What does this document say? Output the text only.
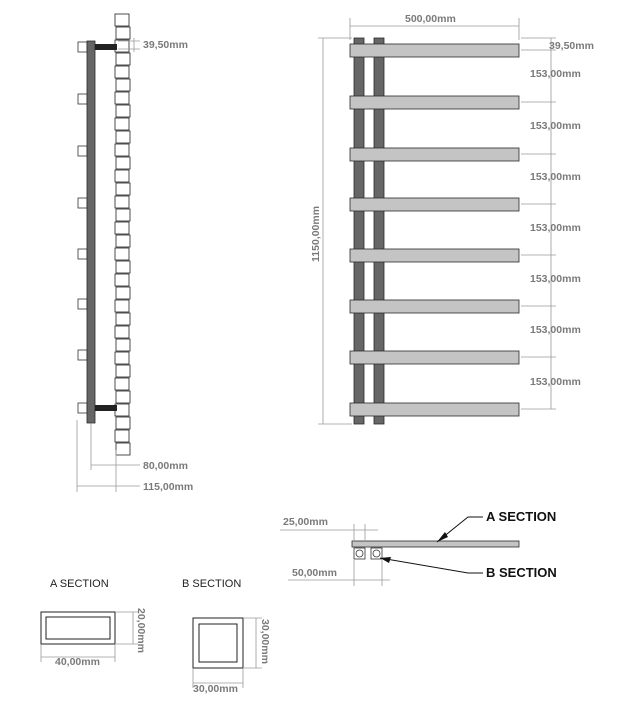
39,50mm
80,00mm
115,00mm
500,00mm
1150,00mm
153,00mm
153,00mm
153,00mm
153,00mm
153,00mm
153,00mm
153,00mm
39,50mm
25,00mm
50,00mm
A SECTION
B SECTION
A SECTION
40,00mm
20,00mm
B SECTION
30,00mm
30,00mm
